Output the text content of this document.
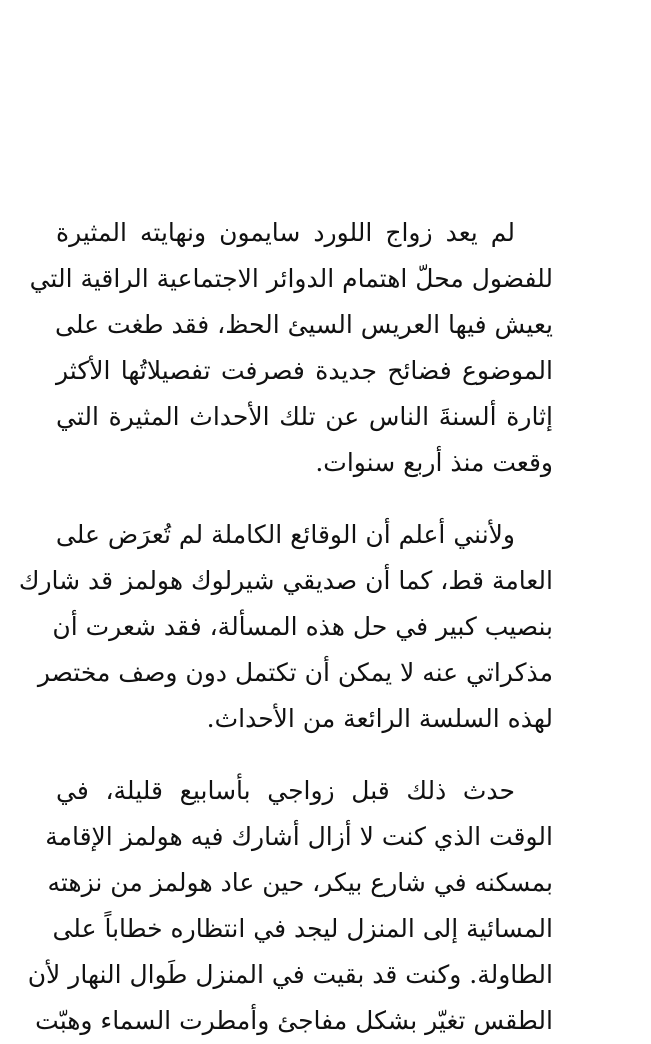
لم يعد زواج اللورد سايمون ونهايته المثيرة
للفضول محلّ اهتمام الدوائر الاجتماعية الراقية التي
يعيش فيها العريس السيئ الحظ، فقد طغت على
الموضوع فضائح جديدة فصرفت تفصيلاتُها الأكثر
إثارة ألسنةَ الناس عن تلك الأحداث المثيرة التي
وقعت منذ أربع سنوات.
ولأنني أعلم أن الوقائع الكاملة لم تُعرَض على
العامة قط، كما أن صديقي شيرلوك هولمز قد شارك
بنصيب كبير في حل هذه المسألة، فقد شعرت أن
مذكراتي عنه لا يمكن أن تكتمل دون وصف مختصر
لهذه السلسة الرائعة من الأحداث.
حدث ذلك قبل زواجي بأسابيع قليلة، في
الوقت الذي كنت لا أزال أشارك فيه هولمز الإقامة
بمسكنه في شارع بيكر، حين عاد هولمز من نزهته
المسائية إلى المنزل ليجد في انتظاره خطاباً على
الطاولة. وكنت قد بقيت في المنزل طَوال النهار لأن
الطقس تغيّر بشكل مفاجئ وأمطرت السماء وهبّت
